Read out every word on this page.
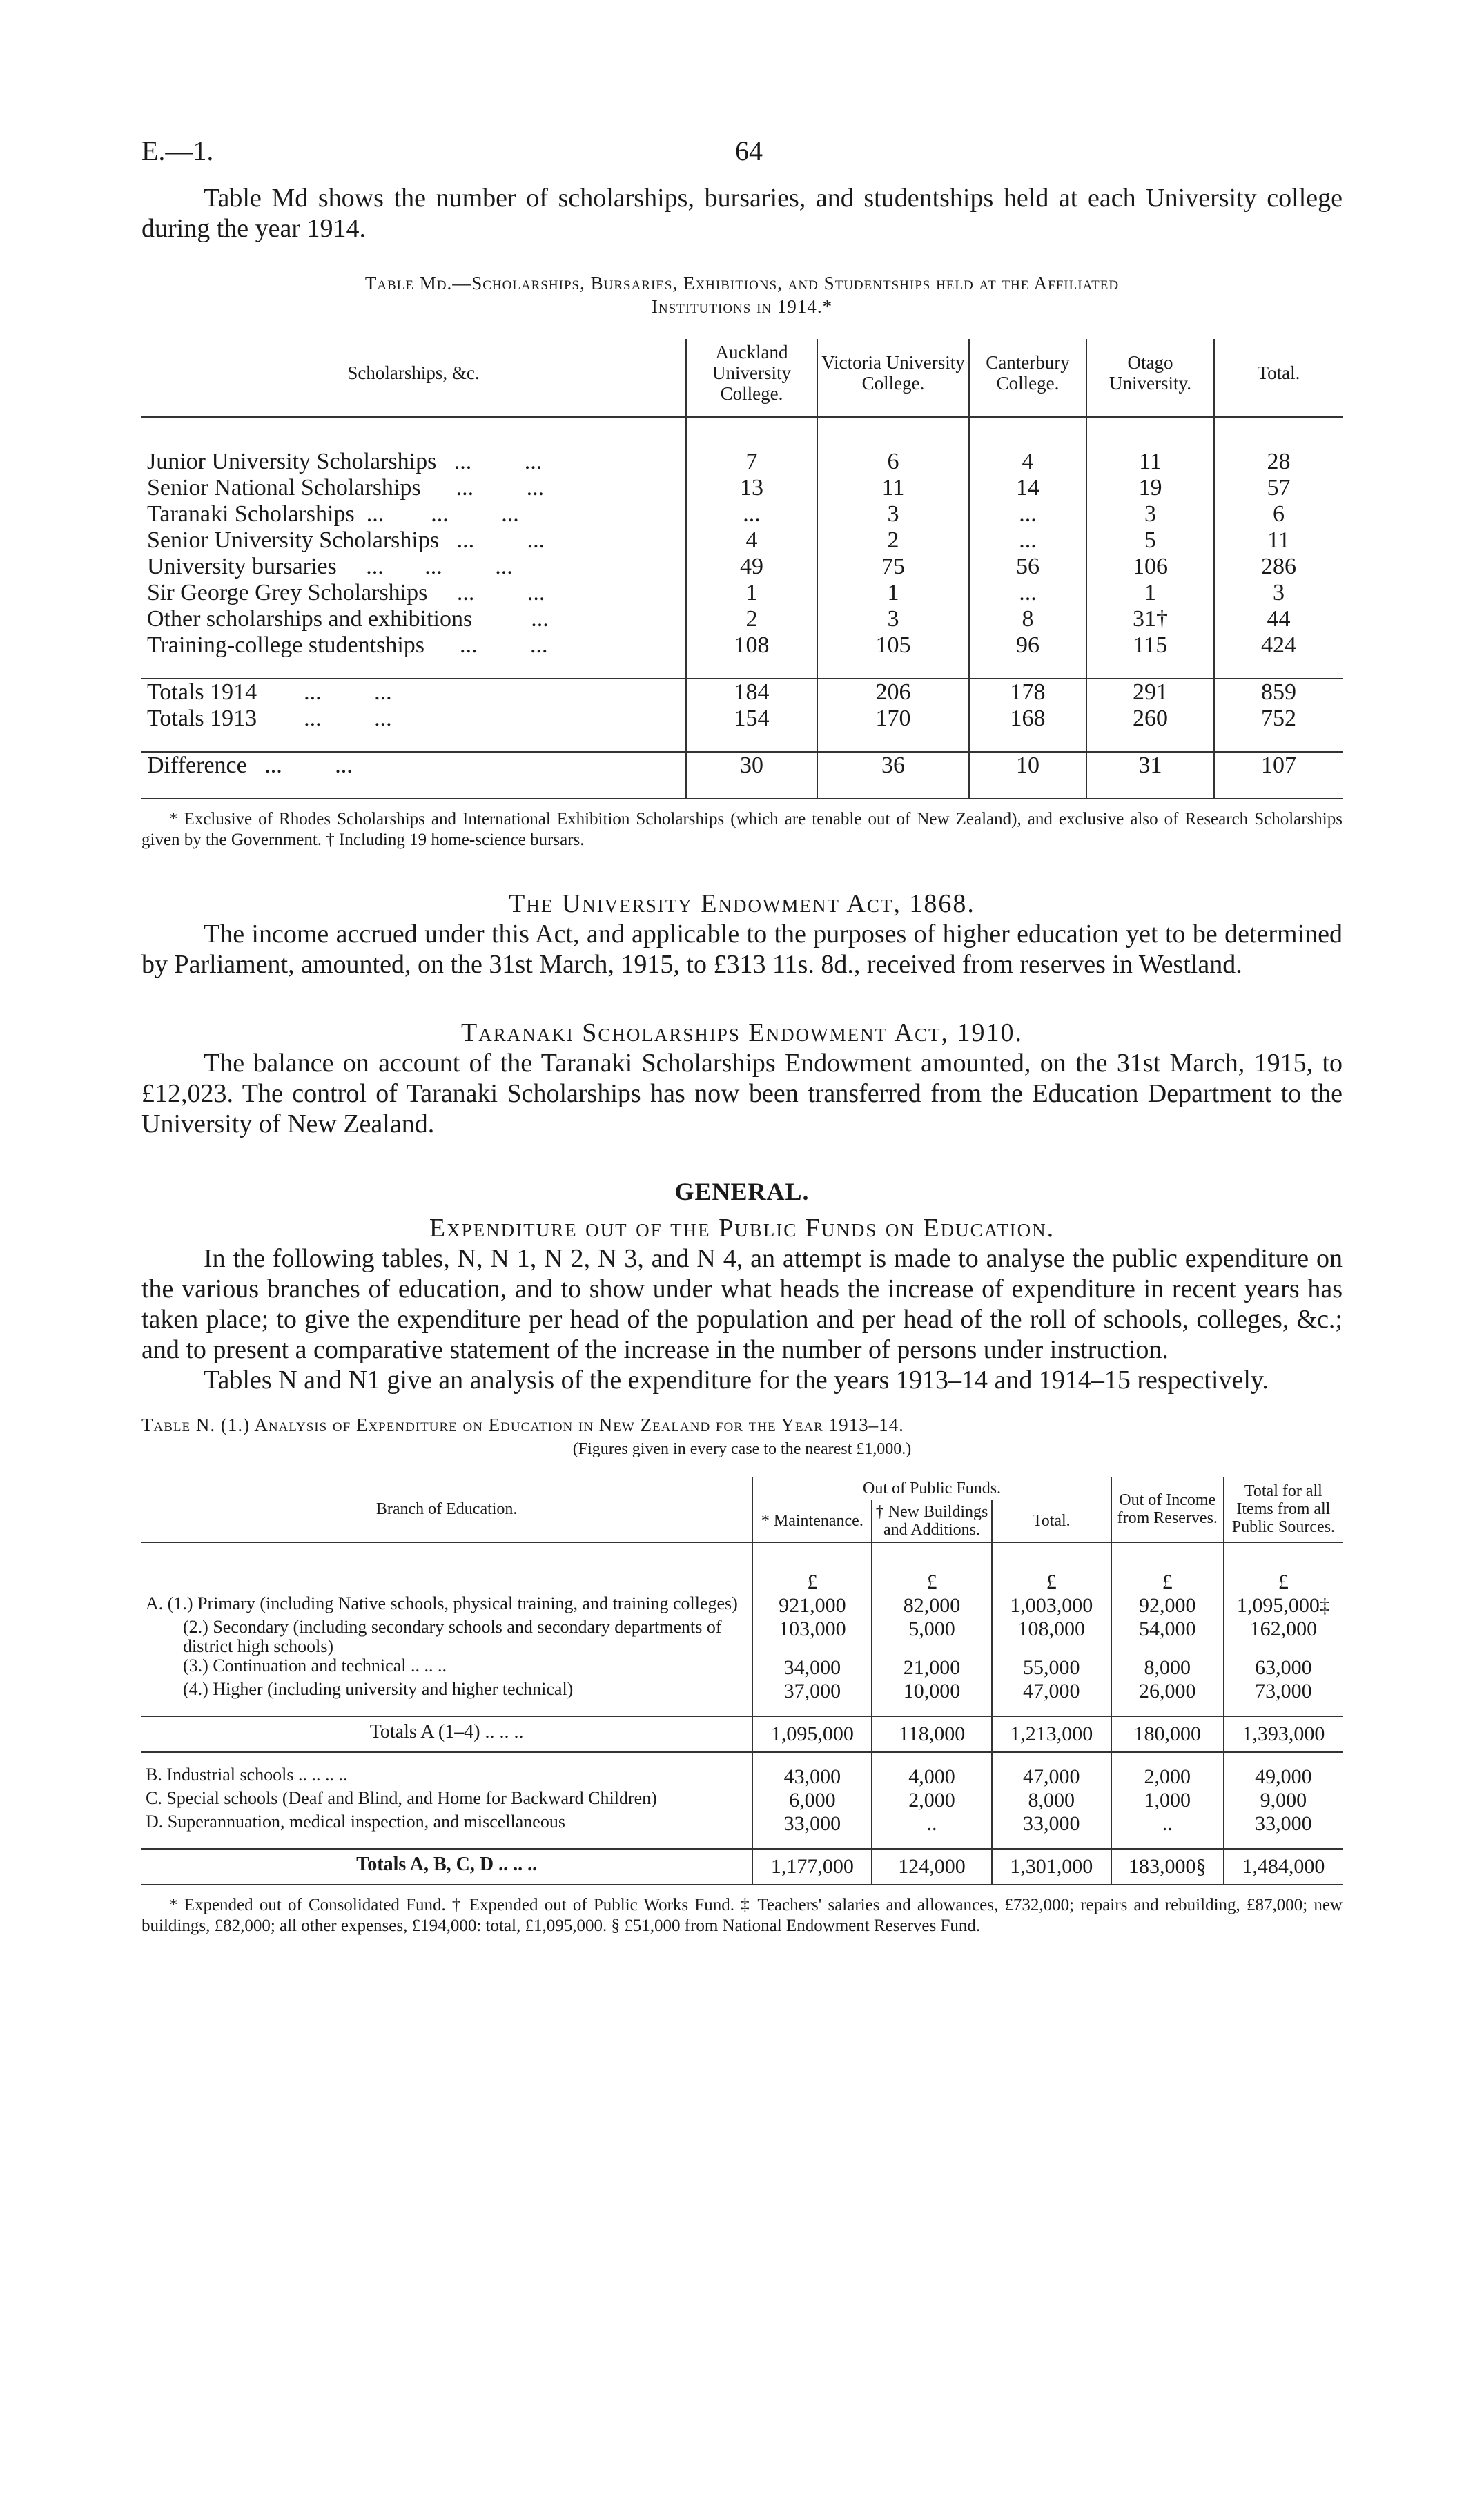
E.—1.	64

Table Md shows the number of scholarships, bursaries, and studentships held at each University college during the year 1914.

Table Md.—Scholarships, Bursaries, Exhibitions, and Studentships held at the Affiliated
Institutions in 1914.*
Scholarships, &c.	Auckland University College.	Victoria University College.	Canterbury College.	Otago University.	Total.

Junior University Scholarships   ...         ...	7	6	4	11	28
Senior National Scholarships      ...         ...	13	11	14	19	57
Taranaki Scholarships  ...        ...         ...	...	3	...	3	6
Senior University Scholarships   ...         ...	4	2	...	5	11
University bursaries     ...       ...         ...	49	75	56	106	286
Sir George Grey Scholarships     ...         ...	1	1	...	1	3
Other scholarships and exhibitions          ...	2	3	8	31†	44
Training-college studentships      ...         ...	108	105	96	115	424

Totals 1914        ...         ...	184	206	178	291	859
Totals 1913        ...         ...	154	170	168	260	752

Difference   ...         ...	30	36	10	31	107

* Exclusive of Rhodes Scholarships and International Exhibition Scholarships (which are tenable out of New Zealand), and exclusive also of Research Scholarships given by the Government. † Including 19 home-science bursars.

The University Endowment Act, 1868.

The income accrued under this Act, and applicable to the purposes of higher education yet to be determined by Parliament, amounted, on the 31st March, 1915, to £313 11s. 8d., received from reserves in Westland.

Taranaki Scholarships Endowment Act, 1910.

The balance on account of the Taranaki Scholarships Endowment amounted, on the 31st March, 1915, to £12,023. The control of Taranaki Scholarships has now been transferred from the Education Department to the University of New Zealand.

GENERAL.
Expenditure out of the Public Funds on Education.

In the following tables, N, N 1, N 2, N 3, and N 4, an attempt is made to analyse the public expenditure on the various branches of education, and to show under what heads the increase of expenditure in recent years has taken place; to give the expenditure per head of the population and per head of the roll of schools, colleges, &c.; and to present a comparative statement of the increase in the number of persons under instruction.

Tables N and N1 give an analysis of the expenditure for the years 1913–14 and 1914–15 respectively.

Table N. (1.) Analysis of Expenditure on Education in New Zealand for the Year 1913–14.
(Figures given in every case to the nearest £1,000.)
Branch of Education.	Out of Public Funds.			Out of Income from Reserves.	Total for all Items from all Public Sources.
	* Maintenance.	† New Buildings and Additions.	Total.		
	£	£	£	£	£
A. (1.) Primary (including Native schools, physical training, and training colleges)	921,000	82,000	1,003,000	92,000	1,095,000‡
(2.) Secondary (including secondary schools and secondary departments of district high schools)	103,000	5,000	108,000	54,000	162,000
(3.) Continuation and technical .. .. ..	34,000	21,000	55,000	8,000	63,000
(4.) Higher (including university and higher technical)	37,000	10,000	47,000	26,000	73,000

Totals A (1–4) .. .. ..	1,095,000	118,000	1,213,000	180,000	1,393,000

B. Industrial schools .. .. .. ..	43,000	4,000	47,000	2,000	49,000
C. Special schools (Deaf and Blind, and Home for Backward Children)	6,000	2,000	8,000	1,000	9,000
D. Superannuation, medical inspection, and miscellaneous	33,000	..	33,000	..	33,000

Totals A, B, C, D .. .. ..	1,177,000	124,000	1,301,000	183,000§	1,484,000

* Expended out of Consolidated Fund. † Expended out of Public Works Fund. ‡ Teachers' salaries and allowances, £732,000; repairs and rebuilding, £87,000; new buildings, £82,000; all other expenses, £194,000: total, £1,095,000. § £51,000 from National Endowment Reserves Fund.
